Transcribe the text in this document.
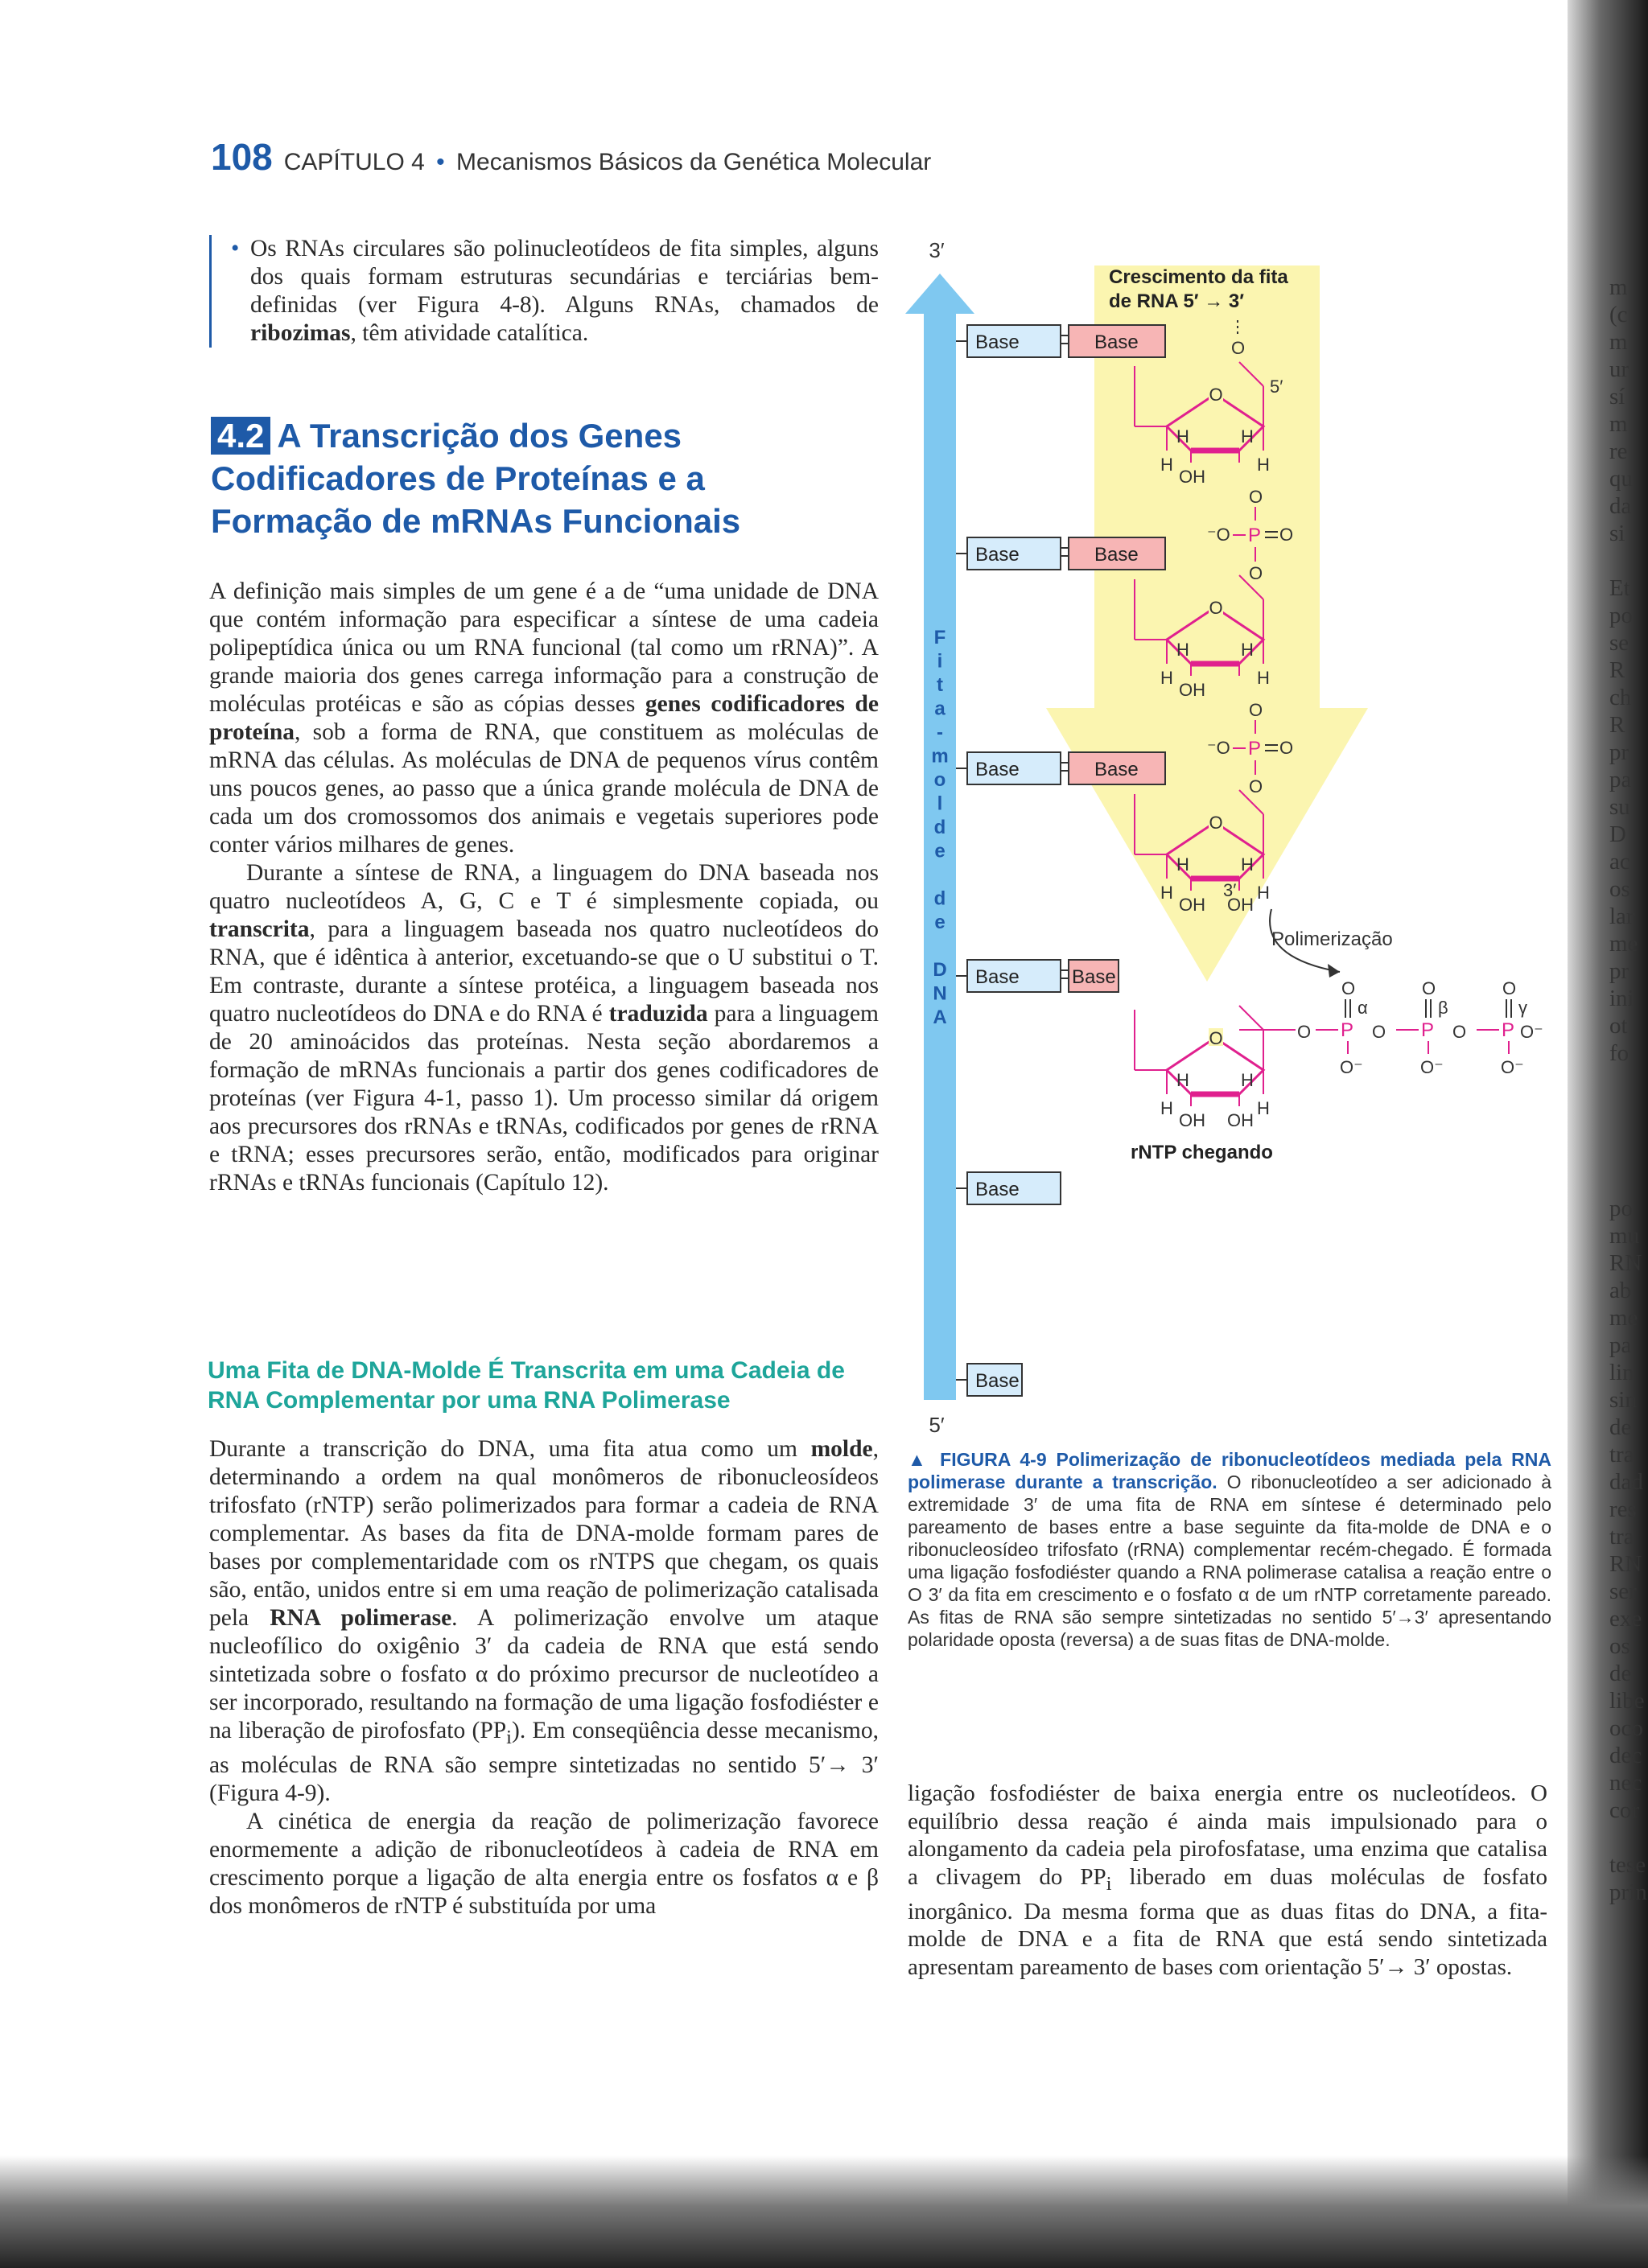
108 CAPÍTULO 4 • Mecanismos Básicos da Genética Molecular
• Os RNAs circulares são polinucleotídeos de fita simples, alguns dos quais formam estruturas secundárias e terciárias bem-definidas (ver Figura 4-8). Alguns RNAs, chamados de ribozimas, têm atividade catalítica.
4.2 A Transcrição dos Genes Codificadores de Proteínas e a Formação de mRNAs Funcionais

A definição mais simples de um gene é a de “uma unidade de DNA que contém informação para especificar a síntese de uma cadeia polipeptídica única ou um RNA funcional (tal como um rRNA)”. A grande maioria dos genes carrega informação para a construção de moléculas protéicas e são as cópias desses genes codificadores de proteína, sob a forma de RNA, que constituem as moléculas de mRNA das células. As moléculas de DNA de pequenos vírus contêm uns poucos genes, ao passo que a única grande molécula de DNA de cada um dos cromossomos dos animais e vegetais superiores pode conter vários milhares de genes.

Durante a síntese de RNA, a linguagem do DNA baseada nos quatro nucleotídeos A, G, C e T é simplesmente copiada, ou transcrita, para a linguagem baseada nos quatro nucleotídeos do RNA, que é idêntica à anterior, excetuando-se que o U substitui o T. Em contraste, durante a síntese protéica, a linguagem baseada nos quatro nucleotídeos do DNA e do RNA é traduzida para a linguagem de 20 aminoácidos das proteínas. Nesta seção abordaremos a formação de mRNAs funcionais a partir dos genes codificadores de proteínas (ver Figura 4-1, passo 1). Um processo similar dá origem aos precursores dos rRNAs e tRNAs, codificados por genes de rRNA e tRNA; esses precursores serão, então, modificados para originar rRNAs e tRNAs funcionais (Capítulo 12).

Uma Fita de DNA-Molde É Transcrita em uma Cadeia de RNA Complementar por uma RNA Polimerase

Durante a transcrição do DNA, uma fita atua como um molde, determinando a ordem na qual monômeros de ribonucleosídeos trifosfato (rNTP) serão polimerizados para formar a cadeia de RNA complementar. As bases da fita de DNA-molde formam pares de bases por complementaridade com os rNTPS que chegam, os quais são, então, unidos entre si em uma reação de polimerização catalisada pela RNA polimerase. A polimerização envolve um ataque nucleofílico do oxigênio 3′ da cadeia de RNA que está sendo sintetizada sobre o fosfato α do próximo precursor de nucleotídeo a ser incorporado, resultando na formação de uma ligação fosfodiéster e na liberação de pirofosfato $(PP_i)$. Em conseqüência desse mecanismo, as moléculas de RNA são sempre sintetizadas no sentido 5′→ 3′ (Figura 4-9).

A cinética de energia da reação de polimerização favorece enormemente a adição de ribonucleotídeos à cadeia de RNA em crescimento porque a ligação de alta energia entre os fosfatos α e β dos monômeros de rNTP é substituída por uma

3′
5′
F
i
t
a
-
m
o
l
d
e
d
e
D
N
A
Crescimento da fita
de RNA 5′ → 3′
Base
Base
Base
Base
Base
Base
Base
O
H	H
H	H
OH
5′
O
O
⁻O P O
O
Base
O
H	H
H	H
OH
O
⁻O P O
O
Base
O
H	H
H	H
OH OH
3′
Base
O
H	H
H	H
OH OH
Polimerização
O P
O
α
O⁻
O P
O
β
O⁻
O P
O
γ
O⁻
O⁻
rNTP chegando
▲ FIGURA 4-9 Polimerização de ribonucleotídeos mediada pela RNA polimerase durante a transcrição. O ribonucleotídeo a ser adicionado à extremidade 3′ de uma fita de RNA em síntese é determinado pelo pareamento de bases entre a base seguinte da fita-molde de DNA e o ribonucleosídeo trifosfato (rRNA) complementar recém-chegado. É formada uma ligação fosfodiéster quando a RNA polimerase catalisa a reação entre o O 3′ da fita em crescimento e o fosfato α de um rNTP corretamente pareado. As fitas de RNA são sempre sintetizadas no sentido 5′→3′ apresentando polaridade oposta (reversa) a de suas fitas de DNA-molde.

ligação fosfodiéster de baixa energia entre os nucleotídeos. O equilíbrio dessa reação é ainda mais impulsionado para o alongamento da cadeia pela pirofosfatase, uma enzima que catalisa a clivagem do $PP_i$ liberado em duas moléculas de fosfato inorgânico. Da mesma forma que as duas fitas do DNA, a fita-molde de DNA e a fita de RNA que está sendo sintetizada apresentam pareamento de bases com orientação 5′→ 3′ opostas.

m
(c
m
ur
sí
m
re
qu
da
si

Et
po
se
R
ch
R
pr
pa
su
D
ac
os
lar
me
pr
ini
ot
fo
po
mu
RN
ab
me
pa
lin
sin
de
tra
dad
res
tra
RN
ser
exe
os
de
libe
oco
dec
nec
cor

tese
prin
